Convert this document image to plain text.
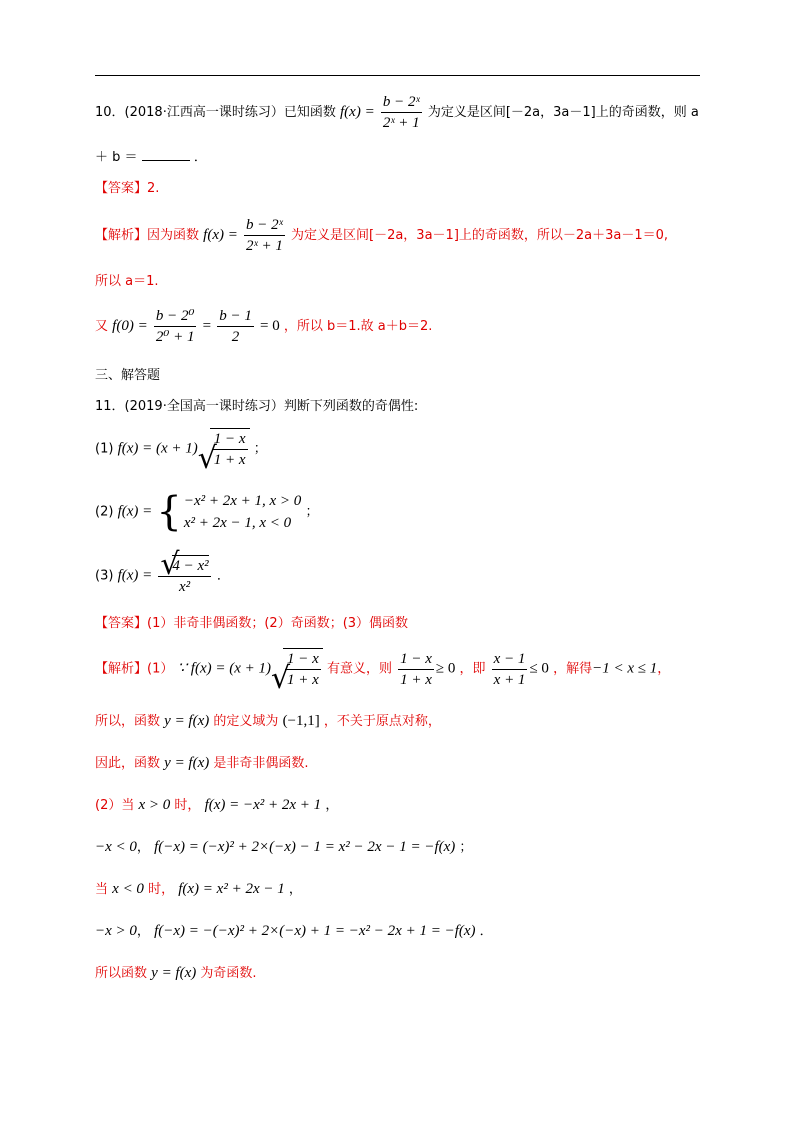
10．(2018·江西高一课时练习）已知函数 $f(x) = \frac{\text{b − 2ˣ}}{\text{2ˣ + 1}}$ 为定义是区间[－2a，3a－1]上的奇函数，则 a
＋ b ＝	．
【答案】2.
【解析】因为函数 $f(x) = \frac{\text{b − 2ˣ}}{\text{2ˣ + 1}}$ 为定义是区间[－2a，3a－1]上的奇函数，所以－2a＋3a－1＝0,
所以 a＝1.
又 $f(0) = \frac{\text{b − 2⁰}}{\text{2⁰ + 1}} = \frac{b - 1}{2} = 0$ ，所以 b＝1.故 a＋b＝2.
三、解答题
11．(2019·全国高一课时练习）判断下列函数的奇偶性:
(1) f(x) = (x + 1) √ $\frac{1 - x}{1 + x}$ ；
(2) f(x) = { −x² + 2x + 1, x > 0
x² + 2x − 1, x < 0
；
(3) f(x) = √ $\frac{\text{4 − x²}}{\text{x²}}$ ．
【答案】(1）非奇非偶函数；(2）奇函数；(3）偶函数
【解析】(1） ∵ f(x) = (x + 1) √ $\frac{1 - x}{1 + x}$ 有意义，则 $\frac{1 - x}{1 + x} \ge 0$ ，即 $\frac{x - 1}{x + 1} \le 0$ ，解得−1 < x ≤ 1，
所以，函数 y = f(x) 的定义域为 (−1,1] ，不关于原点对称，
因此，函数 y = f(x) 是非奇非偶函数.
(2）当 x > 0 时， f(x) = −x² + 2x + 1 ，
−x < 0， f(−x) = (−x)² + 2×(−x) − 1 = x² − 2x − 1 = −f(x) ；
当 x < 0 时， f(x) = x² + 2x − 1 ，
−x > 0， f(−x) = −(−x)² + 2×(−x) + 1 = −x² − 2x + 1 = −f(x) ．
所以函数 y = f(x) 为奇函数.
